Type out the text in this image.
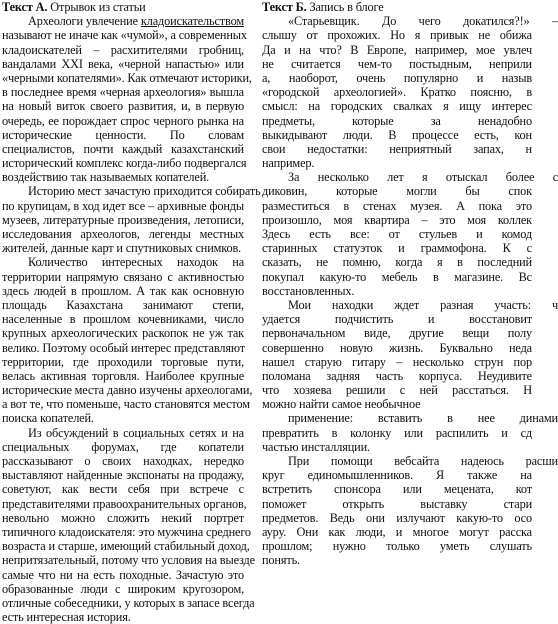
Текст А. Отрывок из статьи
Археологи увлечение кладоискательством
называют не иначе как «чумой», а современных
кладоискателей – расхитителями гробниц,
вандалами XXI века, «черной напастью» или
«черными копателями». Как отмечают историки,
в последнее время «черная археология» вышла
на новый виток своего развития, и, в первую
очередь, ее порождает спрос черного рынка на
исторические ценности. По словам
специалистов, почти каждый казахстанский
исторический комплекс когда-либо подвергался
воздействию так называемых копателей.
Историю мест зачастую приходится собирать
по крупицам, в ход идет все – архивные фонды
музеев, литературные произведения, летописи,
исследования археологов, легенды местных
жителей, данные карт и спутниковых снимков.
Количество интересных находок на
территории напрямую связано с активностью
здесь людей в прошлом. А так как основную
площадь Казахстана занимают степи,
населенные в прошлом кочевниками, число
крупных археологических раскопок не уж так
велико. Поэтому особый интерес представляют
территории, где проходили торговые пути,
велась активная торговля. Наиболее крупные
исторические места давно изучены археологами,
а вот те, что поменьше, часто становятся местом
поиска копателей.
Из обсуждений в социальных сетях и на
специальных форумах, где копатели
рассказывают о своих находках, нередко
выставляют найденные экспонаты на продажу,
советуют, как вести себя при встрече с
представителями правоохранительных органов,
невольно можно сложить некий портрет
типичного кладоискателя: это мужчина среднего
возраста и старше, имеющий стабильный доход,
непритязательный, потому что условия на выезде
самые что ни на есть походные. Зачастую это
образованные люди с широким кругозором,
отличные собеседники, у которых в запасе всегда
есть интересная история.
Текст Б. Запись в блоге
«Старьевщик. До чего докатился?!» –
слышу от прохожих. Но я привык не обижа
Да и на что? В Европе, например, мое увлеч
не считается чем-то постыдным, неприли
а, наоборот, очень популярно и назыв
«городской археологией». Кратко поясню, в
смысл: на городских свалках я ищу интерес
предметы, которые за ненадобно
выкидывают люди. В процессе есть, кон
свои недостатки: неприятный запах, н
например.
За несколько лет я отыскал более с
диковин, которые могли бы спок
разместиться в стенах музея. А пока это
произошло, моя квартира – это моя коллек
Здесь есть все: от стульев и комод
старинных статуэток и граммофона. К с
сказать, не помню, когда я в последний
покупал какую-то мебель в магазине. Вс
восстановленных.
Мои находки ждет разная участь: ч
удается подчистить и восстановит
первоначальном виде, другие вещи полу
совершенно новую жизнь. Буквально неда
нашел старую гитару – несколько струн пор
поломана задняя часть корпуса. Неудивите
что хозяева решили с ней расстаться. Н
можно найти самое необычное
применение: вставить в нее динами
превратить в колонку или распилить и сд
частью инсталляции.
При помощи вебсайта надеюсь расши
круг единомышленников. Я также на
встретить спонсора или мецената, кот
поможет открыть выставку стари
предметов. Ведь они излучают какую-то осо
ауру. Они как люди, и многое могут расска
прошлом; нужно только уметь слушать
понять.
